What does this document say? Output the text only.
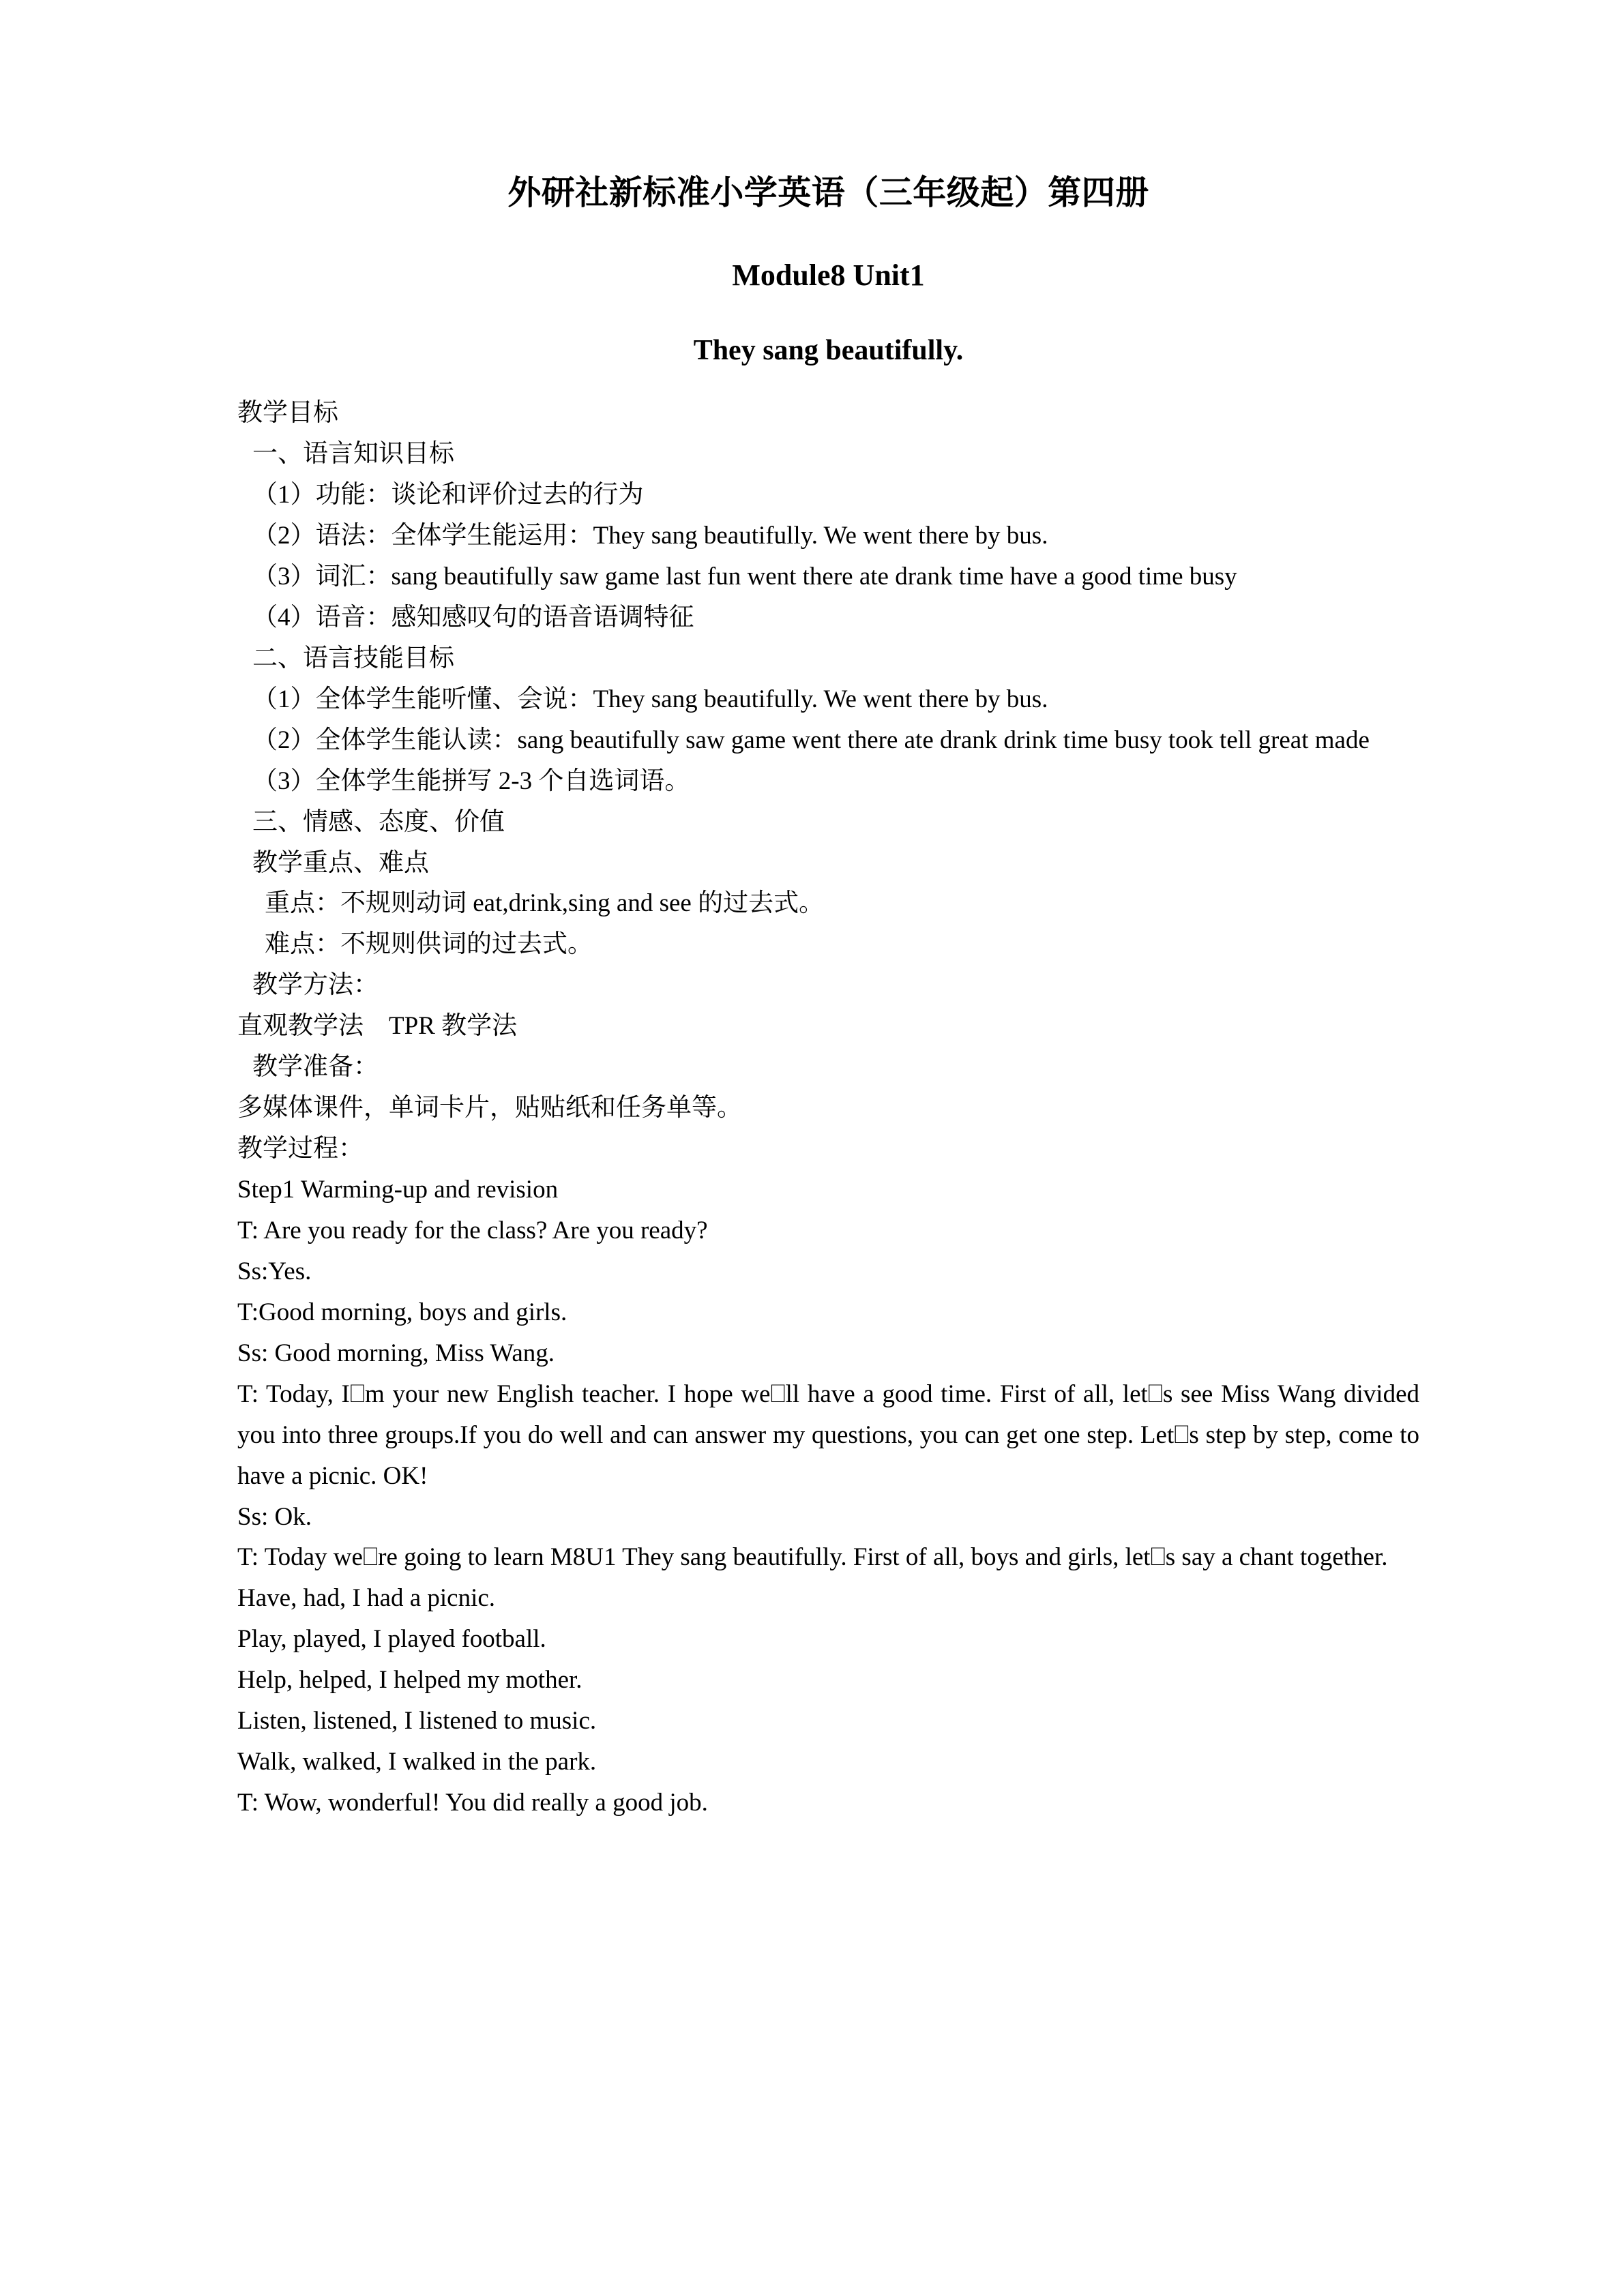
外研社新标准小学英语（三年级起）第四册
Module8 Unit1
They sang beautifully.

教学目标

一、语言知识目标

（1）功能：谈论和评价过去的行为

（2）语法：全体学生能运用：They sang beautifully. We went there by bus.

（3）词汇：sang beautifully saw game last fun went there ate drank time have a good time busy

（4）语音：感知感叹句的语音语调特征

二、语言技能目标

（1）全体学生能听懂、会说：They sang beautifully. We went there by bus.

（2）全体学生能认读：sang beautifully saw game went there ate drank drink time busy took tell great made

（3）全体学生能拼写 2-3 个自选词语。

三、情感、态度、价值

教学重点、难点

重点：不规则动词 eat,drink,sing and see 的过去式。

难点：不规则供词的过去式。

教学方法：

直观教学法    TPR 教学法

教学准备：

多媒体课件，单词卡片，贴贴纸和任务单等。

教学过程：

Step1 Warming-up and revision

T: Are you ready for the class? Are you ready?

Ss:Yes.

T:Good morning, boys and girls.

Ss: Good morning, Miss Wang.

T: Today, I⎕m your new English teacher. I hope we⎕ll have a good time. First of all, let⎕s see Miss Wang divided you into three groups.If you do well and can answer my questions, you can get one step. Let⎕s step by step, come to have a picnic. OK!

Ss: Ok.

T: Today we⎕re going to learn M8U1 They sang beautifully. First of all, boys and girls, let⎕s say a chant together.

Have, had, I had a picnic.

Play, played, I played football.

Help, helped, I helped my mother.

Listen, listened, I listened to music.

Walk, walked, I walked in the park.

T: Wow, wonderful! You did really a good job.
